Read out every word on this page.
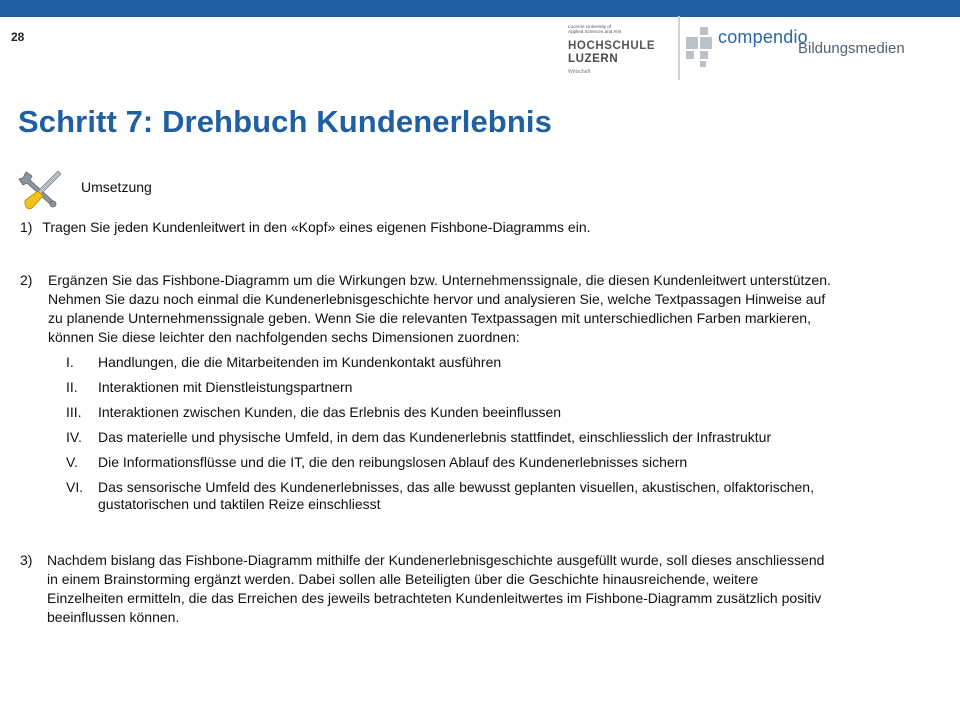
28
Lucerne University of
Applied Sciences and Arts
HOCHSCHULE
LUZERN
Wirtschaft
compendio
Bildungsmedien
Schritt 7: Drehbuch Kundenerlebnis
Umsetzung

1) Tragen Sie jeden Kundenleitwert in den «Kopf» eines eigenen Fishbone-Diagramms ein.

2) Ergänzen Sie das Fishbone-Diagramm um die Wirkungen bzw. Unternehmenssignale, die diesen Kundenleitwert unterstützen.
Nehmen Sie dazu noch einmal die Kundenerlebnisgeschichte hervor und analysieren Sie, welche Textpassagen Hinweise auf
zu planende Unternehmenssignale geben. Wenn Sie die relevanten Textpassagen mit unterschiedlichen Farben markieren,
können Sie diese leichter den nachfolgenden sechs Dimensionen zuordnen:
I. Handlungen, die die Mitarbeitenden im Kundenkontakt ausführen
II. Interaktionen mit Dienstleistungspartnern
III. Interaktionen zwischen Kunden, die das Erlebnis des Kunden beeinflussen
IV. Das materielle und physische Umfeld, in dem das Kundenerlebnis stattfindet, einschliesslich der Infrastruktur
V. Die Informationsflüsse und die IT, die den reibungslosen Ablauf des Kundenerlebnisses sichern
VI. Das sensorische Umfeld des Kundenerlebnisses, das alle bewusst geplanten visuellen, akustischen, olfaktorischen,
gustatorischen und taktilen Reize einschliesst
3) Nachdem bislang das Fishbone-Diagramm mithilfe der Kundenerlebnisgeschichte ausgefüllt wurde, soll dieses anschliessend
in einem Brainstorming ergänzt werden. Dabei sollen alle Beteiligten über die Geschichte hinausreichende, weitere
Einzelheiten ermitteln, die das Erreichen des jeweils betrachteten Kundenleitwertes im Fishbone-Diagramm zusätzlich positiv
beeinflussen können.
